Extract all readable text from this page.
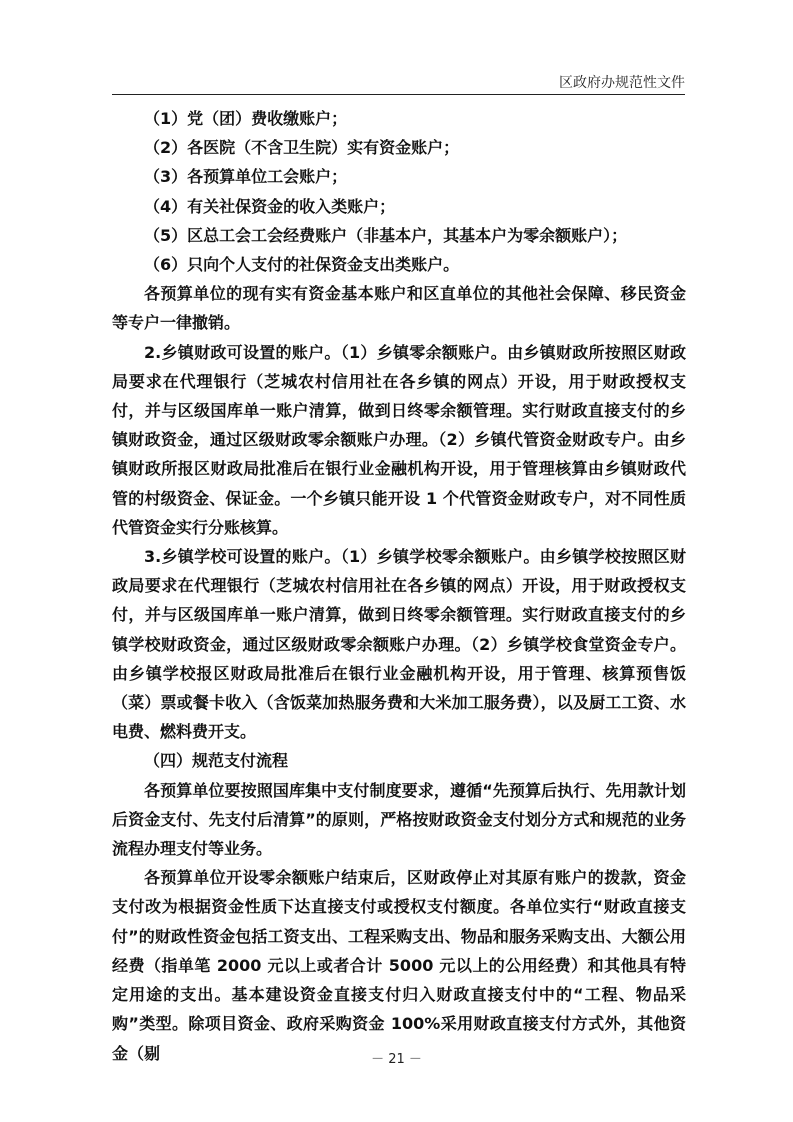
区政府办规范性文件

（1）党（团）费收缴账户；

（2）各医院（不含卫生院）实有资金账户；

（3）各预算单位工会账户；

（4）有关社保资金的收入类账户；

（5）区总工会工会经费账户（非基本户，其基本户为零余额账户）；

（6）只向个人支付的社保资金支出类账户。

各预算单位的现有实有资金基本账户和区直单位的其他社会保障、移民资金等专户一律撤销。

2.乡镇财政可设置的账户。（1）乡镇零余额账户。由乡镇财政所按照区财政局要求在代理银行（芝城农村信用社在各乡镇的网点）开设，用于财政授权支付，并与区级国库单一账户清算，做到日终零余额管理。实行财政直接支付的乡镇财政资金，通过区级财政零余额账户办理。（2）乡镇代管资金财政专户。由乡镇财政所报区财政局批准后在银行业金融机构开设，用于管理核算由乡镇财政代管的村级资金、保证金。一个乡镇只能开设 1 个代管资金财政专户，对不同性质代管资金实行分账核算。

3.乡镇学校可设置的账户。（1）乡镇学校零余额账户。由乡镇学校按照区财政局要求在代理银行（芝城农村信用社在各乡镇的网点）开设，用于财政授权支付，并与区级国库单一账户清算，做到日终零余额管理。实行财政直接支付的乡镇学校财政资金，通过区级财政零余额账户办理。（2）乡镇学校食堂资金专户。由乡镇学校报区财政局批准后在银行业金融机构开设，用于管理、核算预售饭（菜）票或餐卡收入（含饭菜加热服务费和大米加工服务费），以及厨工工资、水电费、燃料费开支。

（四）规范支付流程

各预算单位要按照国库集中支付制度要求，遵循“先预算后执行、先用款计划后资金支付、先支付后清算”的原则，严格按财政资金支付划分方式和规范的业务流程办理支付等业务。

各预算单位开设零余额账户结束后，区财政停止对其原有账户的拨款，资金支付改为根据资金性质下达直接支付或授权支付额度。各单位实行“财政直接支付”的财政性资金包括工资支出、工程采购支出、物品和服务采购支出、大额公用经费（指单笔 2000 元以上或者合计 5000 元以上的公用经费）和其他具有特定用途的支出。基本建设资金直接支付归入财政直接支付中的“工程、物品采购”类型。除项目资金、政府采购资金 100%采用财政直接支付方式外，其他资金（剔	－ 21 －
